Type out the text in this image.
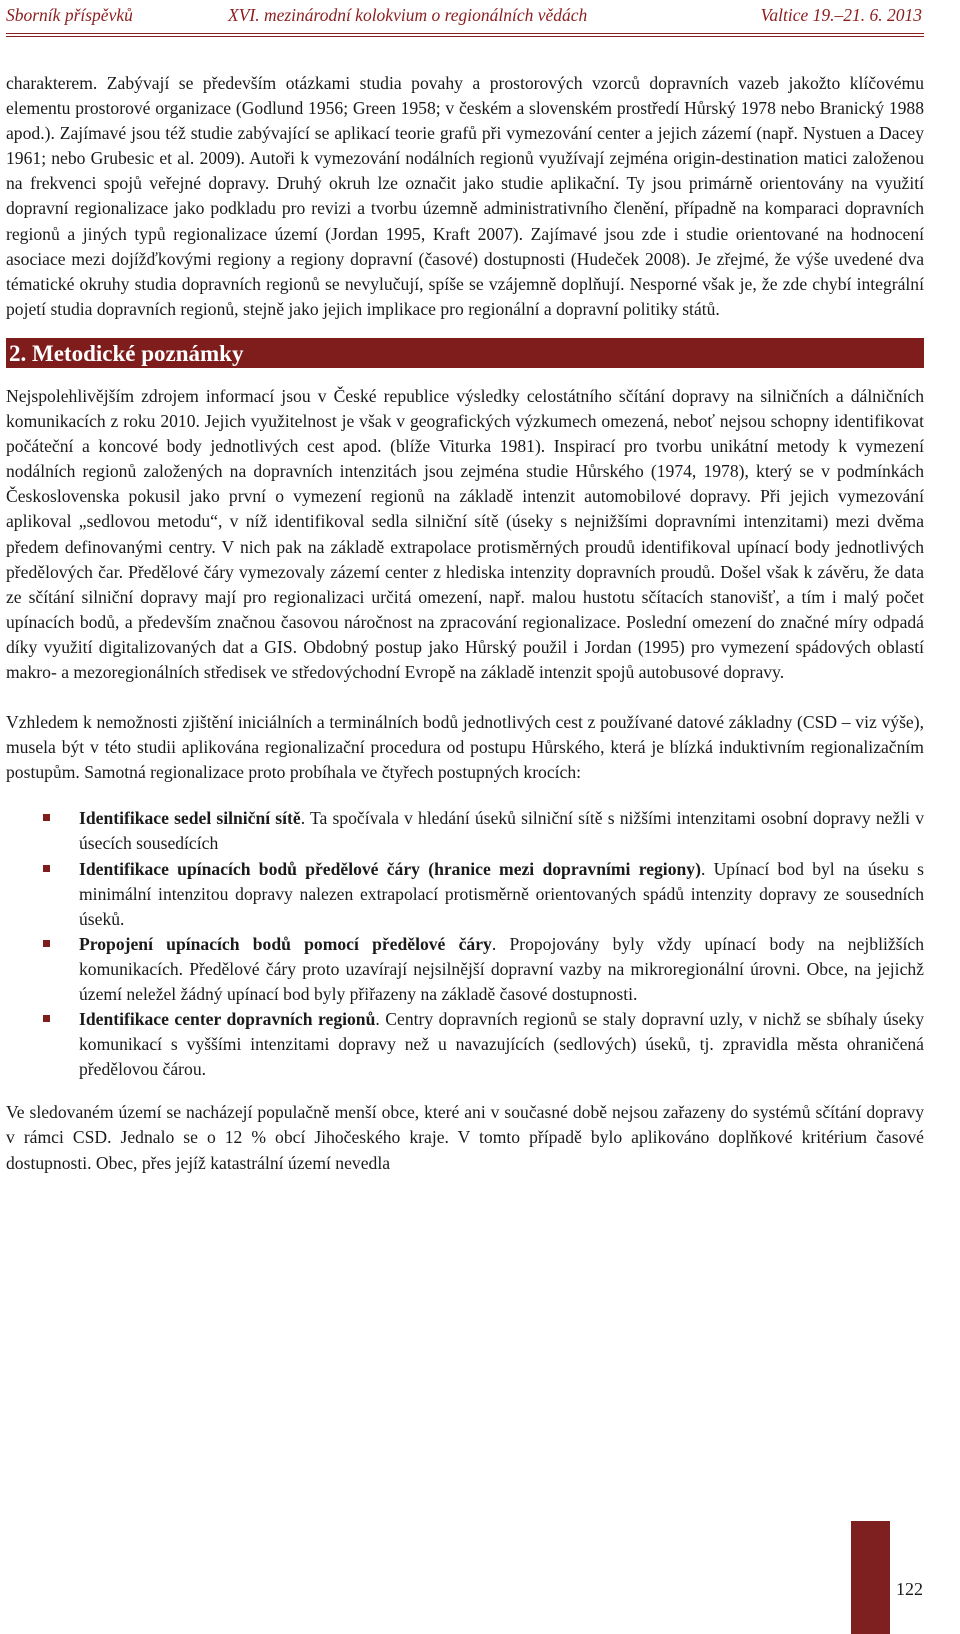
Sborník příspěvků	XVI. mezinárodní kolokvium o regionálních vědách	Valtice 19.–21. 6. 2013

charakterem. Zabývají se především otázkami studia povahy a prostorových vzorců dopravních vazeb jakožto klíčovému elementu prostorové organizace (Godlund 1956; Green 1958; v českém a slovenském prostředí Hůrský 1978 nebo Branický 1988 apod.). Zajímavé jsou též studie zabývající se aplikací teorie grafů při vymezování center a jejich zázemí (např. Nystuen a Dacey 1961; nebo Grubesic et al. 2009). Autoři k vymezování nodálních regionů využívají zejména origin-destination matici založenou na frekvenci spojů veřejné dopravy. Druhý okruh lze označit jako studie aplikační. Ty jsou primárně orientovány na využití dopravní regionalizace jako podkladu pro revizi a tvorbu územně administrativního členění, případně na komparaci dopravních regionů a jiných typů regionalizace území (Jordan 1995, Kraft 2007). Zajímavé jsou zde i studie orientované na hodnocení asociace mezi dojížďkovými regiony a regiony dopravní (časové) dostupnosti (Hudeček 2008). Je zřejmé, že výše uvedené dva tématické okruhy studia dopravních regionů se nevylučují, spíše se vzájemně doplňují. Nesporné však je, že zde chybí integrální pojetí studia dopravních regionů, stejně jako jejich implikace pro regionální a dopravní politiky států.

2. Metodické poznámky

Nejspolehlivějším zdrojem informací jsou v České republice výsledky celostátního sčítání dopravy na silničních a dálničních komunikacích z roku 2010. Jejich využitelnost je však v geografických výzkumech omezená, neboť nejsou schopny identifikovat počáteční a koncové body jednotlivých cest apod. (blíže Viturka 1981). Inspirací pro tvorbu unikátní metody k vymezení nodálních regionů založených na dopravních intenzitách jsou zejména studie Hůrského (1974, 1978), který se v podmínkách Československa pokusil jako první o vymezení regionů na základě intenzit automobilové dopravy. Při jejich vymezování aplikoval „sedlovou metodu“, v níž identifikoval sedla silniční sítě (úseky s nejnižšími dopravními intenzitami) mezi dvěma předem definovanými centry. V nich pak na základě extrapolace protisměrných proudů identifikoval upínací body jednotlivých předělových čar. Předělové čáry vymezovaly zázemí center z hlediska intenzity dopravních proudů. Došel však k závěru, že data ze sčítání silniční dopravy mají pro regionalizaci určitá omezení, např. malou hustotu sčítacích stanovišť, a tím i malý počet upínacích bodů, a především značnou časovou náročnost na zpracování regionalizace. Poslední omezení do značné míry odpadá díky využití digitalizovaných dat a GIS. Obdobný postup jako Hůrský použil i Jordan (1995) pro vymezení spádových oblastí makro- a mezoregionálních středisek ve středovýchodní Evropě na základě intenzit spojů autobusové dopravy.

Vzhledem k nemožnosti zjištění iniciálních a terminálních bodů jednotlivých cest z používané datové základny (CSD – viz výše), musela být v této studii aplikována regionalizační procedura od postupu Hůrského, která je blízká induktivním regionalizačním postupům. Samotná regionalizace proto probíhala ve čtyřech postupných krocích:

Identifikace sedel silniční sítě. Ta spočívala v hledání úseků silniční sítě s nižšími intenzitami osobní dopravy nežli v úsecích sousedících
Identifikace upínacích bodů předělové čáry (hranice mezi dopravními regiony). Upínací bod byl na úseku s minimální intenzitou dopravy nalezen extrapolací protisměrně orientovaných spádů intenzity dopravy ze sousedních úseků.
Propojení upínacích bodů pomocí předělové čáry. Propojovány byly vždy upínací body na nejbližších komunikacích. Předělové čáry proto uzavírají nejsilnější dopravní vazby na mikroregionální úrovni. Obce, na jejichž území neležel žádný upínací bod byly přiřazeny na základě časové dostupnosti.
Identifikace center dopravních regionů. Centry dopravních regionů se staly dopravní uzly, v nichž se sbíhaly úseky komunikací s vyššími intenzitami dopravy než u navazujících (sedlových) úseků, tj. zpravidla města ohraničená předělovou čárou.

Ve sledovaném území se nacházejí populačně menší obce, které ani v současné době nejsou zařazeny do systémů sčítání dopravy v rámci CSD. Jednalo se o 12 % obcí Jihočeského kraje. V tomto případě bylo aplikováno doplňkové kritérium časové dostupnosti. Obec, přes jejíž katastrální území nevedla

122
